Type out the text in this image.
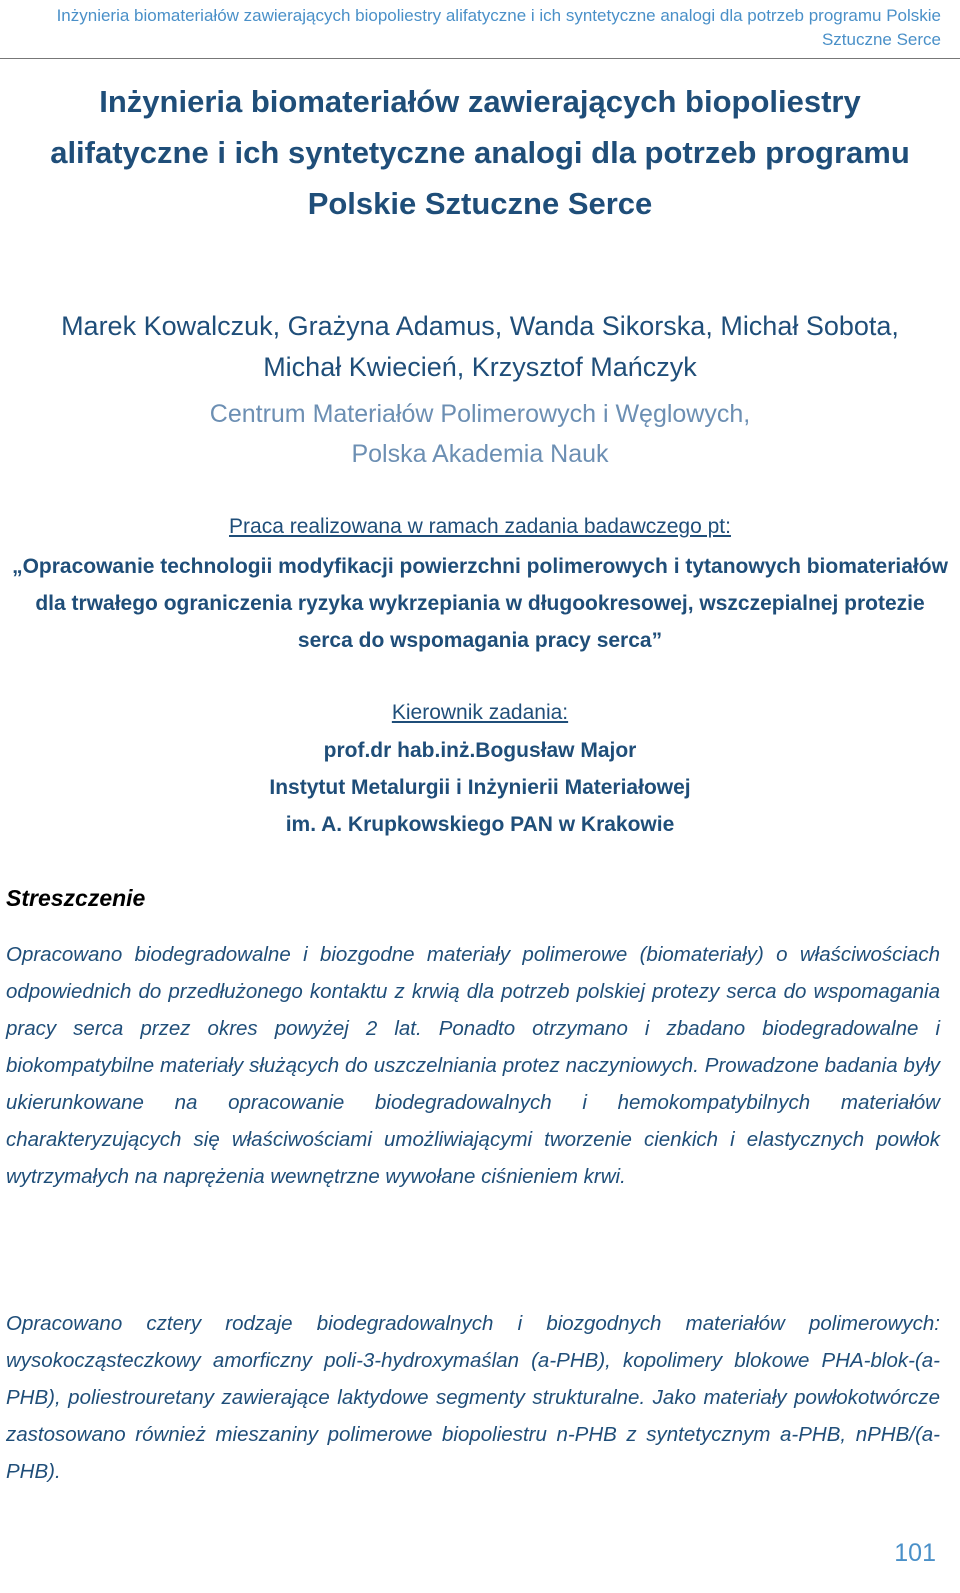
Inżynieria biomateriałów zawierających biopoliestry alifatyczne i ich syntetyczne analogi dla potrzeb programu Polskie Sztuczne Serce
Inżynieria biomateriałów zawierających biopoliestry alifatyczne i ich syntetyczne analogi dla potrzeb programu Polskie Sztuczne Serce
Marek Kowalczuk, Grażyna Adamus, Wanda Sikorska, Michał Sobota,
Michał Kwiecień, Krzysztof Mańczyk
Centrum Materiałów Polimerowych i Węglowych,
Polska Akademia Nauk
Praca realizowana w ramach zadania badawczego pt:
„Opracowanie technologii modyfikacji powierzchni polimerowych i tytanowych biomateriałów dla trwałego ograniczenia ryzyka wykrzepiania w długookresowej, wszczepialnej protezie serca do wspomagania pracy serca”
Kierownik zadania:
prof.dr hab.inż.Bogusław Major
Instytut Metalurgii i Inżynierii Materiałowej
im. A. Krupkowskiego PAN w Krakowie
Streszczenie

Opracowano biodegradowalne i biozgodne materiały polimerowe (biomateriały) o właściwościach odpowiednich do przedłużonego kontaktu z krwią dla potrzeb polskiej protezy serca do wspomagania pracy serca przez okres powyżej 2 lat. Ponadto otrzymano i zbadano biodegradowalne i biokompatybilne materiały służących do uszczelniania protez naczyniowych. Prowadzone badania były ukierunkowane na opracowanie biodegradowalnych i hemokompatybilnych materiałów charakteryzujących się właściwościami umożliwiającymi tworzenie cienkich i elastycznych powłok wytrzymałych na naprężenia wewnętrzne wywołane ciśnieniem krwi.

Opracowano cztery rodzaje biodegradowalnych i biozgodnych materiałów polimerowych: wysokocząsteczkowy amorficzny poli-3-hydroxymaślan (a-PHB), kopolimery blokowe PHA-blok-(a-PHB), poliestrouretany zawierające laktydowe segmenty strukturalne. Jako materiały powłokotwórcze zastosowano również mieszaniny polimerowe biopoliestru n-PHB z syntetycznym a-PHB, nPHB/(a-PHB).

101
